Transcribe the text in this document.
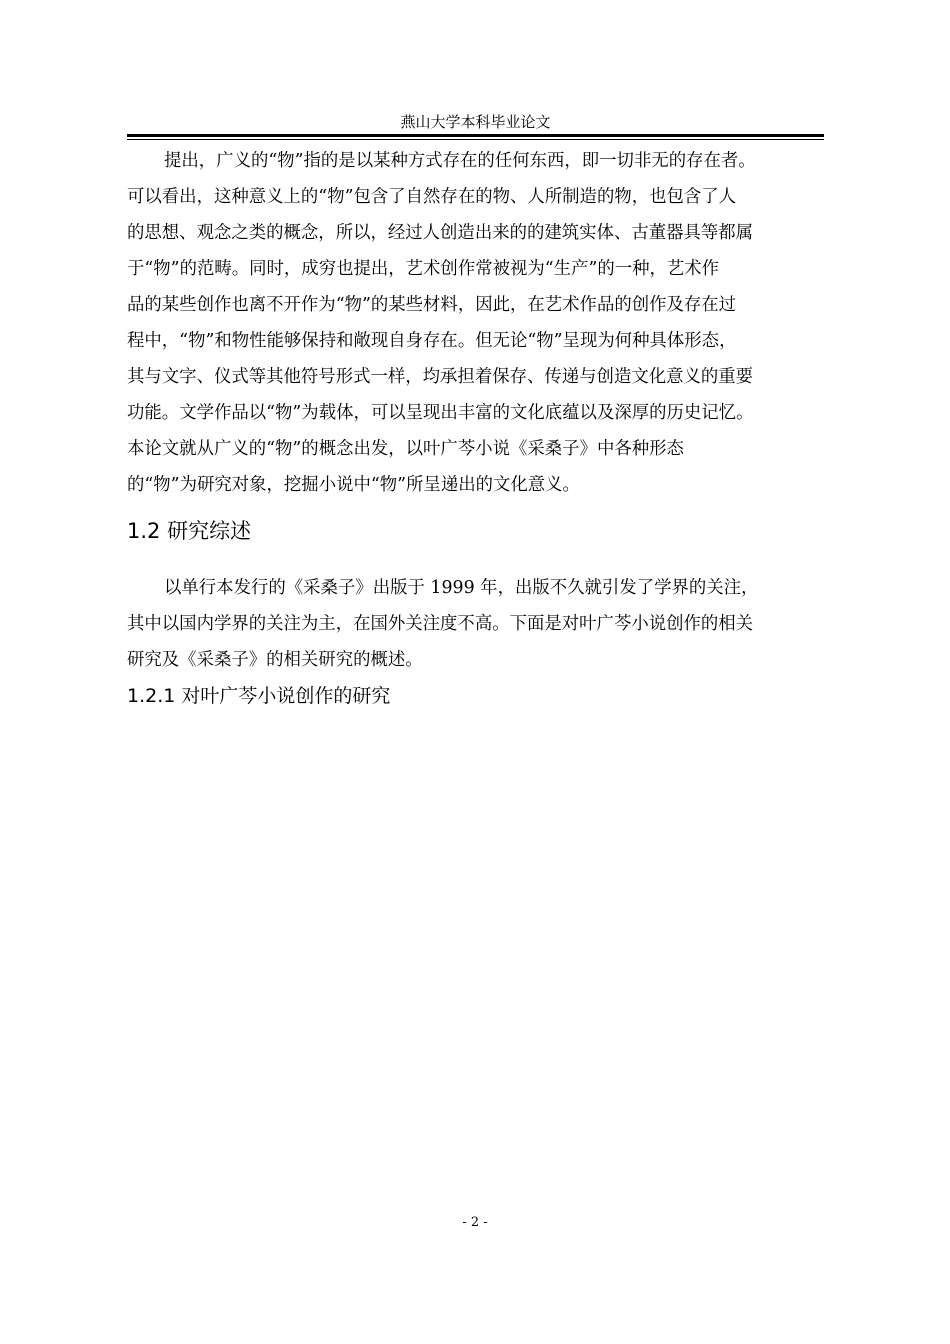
燕山大学本科毕业论文
提出，广义的“物”指的是以某种方式存在的任何东西，即一切非无的存在者。
可以看出，这种意义上的“物”包含了自然存在的物、人所制造的物，也包含了人
的思想、观念之类的概念，所以，经过人创造出来的的建筑实体、古董器具等都属
于“物”的范畴。同时，成穷也提出，艺术创作常被视为“生产”的一种，艺术作
品的某些创作也离不开作为“物”的某些材料，因此，在艺术作品的创作及存在过
程中，“物”和物性能够保持和敞现自身存在。但无论“物”呈现为何种具体形态，
其与文字、仪式等其他符号形式一样，均承担着保存、传递与创造文化意义的重要
功能。文学作品以“物”为载体，可以呈现出丰富的文化底蕴以及深厚的历史记忆。
本论文就从广义的“物”的概念出发，以叶广芩小说《采桑子》中各种形态
的“物”为研究对象，挖掘小说中“物”所呈递出的文化意义。
1.2 研究综述
以单行本发行的《采桑子》出版于 1999 年，出版不久就引发了学界的关注，
其中以国内学界的关注为主，在国外关注度不高。下面是对叶广芩小说创作的相关
研究及《采桑子》的相关研究的概述。
1.2.1 对叶广芩小说创作的研究
- 2 -
